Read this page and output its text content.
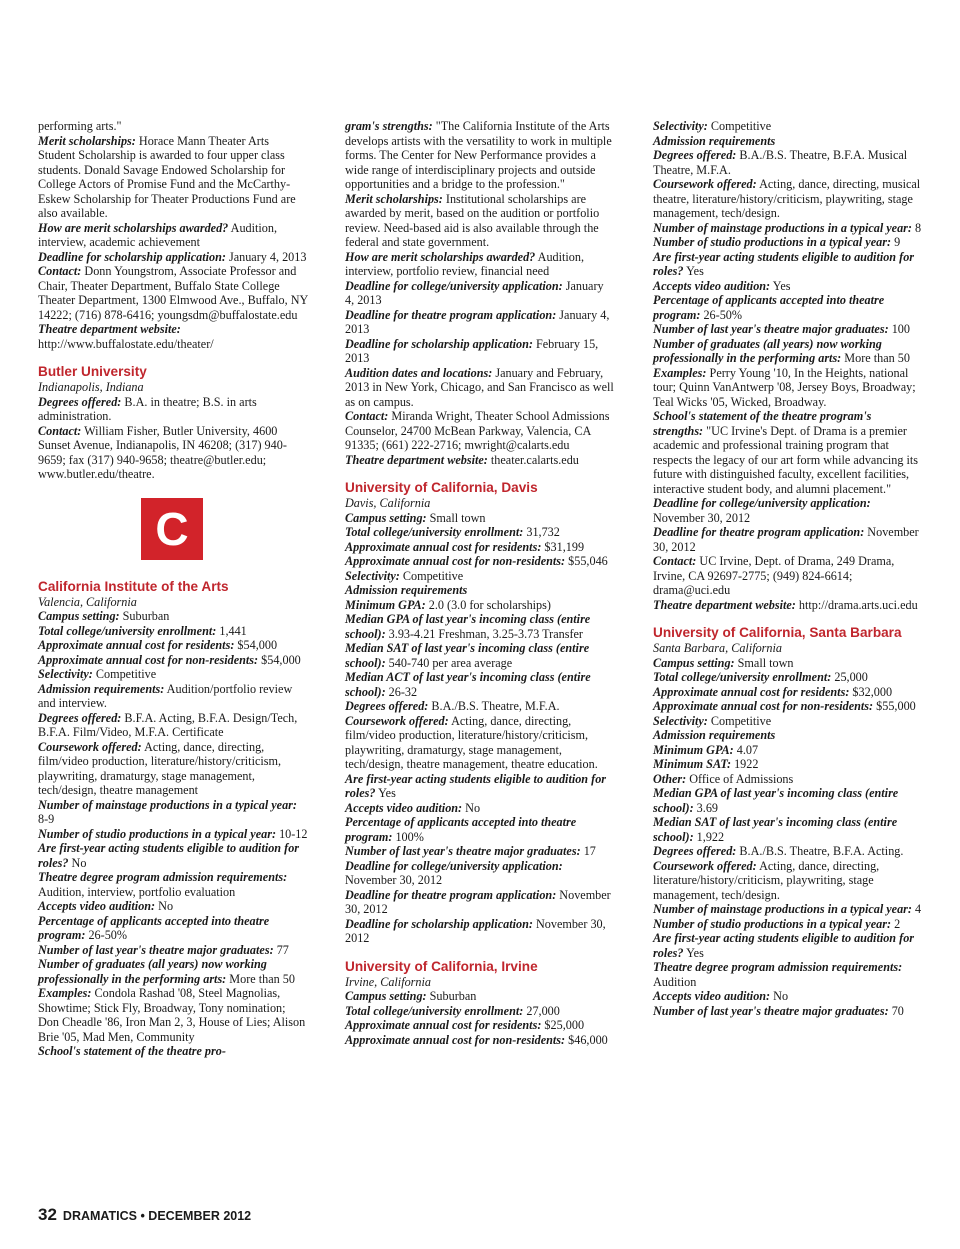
performing arts."

Merit scholarships: Horace Mann Theater Arts Student Scholarship is awarded to four upper class students. Donald Savage Endowed Scholarship for College Actors of Promise Fund and the McCarthy-Eskew Scholarship for Theater Productions Fund are also available.

How are merit scholarships awarded? Audition, interview, academic achievement

Deadline for scholarship application: January 4, 2013

Contact: Donn Youngstrom, Associate Professor and Chair, Theater Department, Buffalo State College Theater Department, 1300 Elmwood Ave., Buffalo, NY 14222; (716) 878-6416; youngsdm@buffalostate.edu

Theatre department website: http://www.buffalostate.edu/theater/

Butler University
Indianapolis, Indiana

Degrees offered: B.A. in theatre; B.S. in arts administration.

Contact: William Fisher, Butler University, 4600 Sunset Avenue, Indianapolis, IN 46208; (317) 940-9659; fax (317) 940-9658; theatre@butler.edu; www.butler.edu/theatre.

C
California Institute of the Arts
Valencia, California

Campus setting: Suburban

Total college/university enrollment: 1,441

Approximate annual cost for residents: $54,000

Approximate annual cost for non-residents: $54,000

Selectivity: Competitive

Admission requirements: Audition/portfolio review and interview.

Degrees offered: B.F.A. Acting, B.F.A. Design/Tech, B.F.A. Film/Video, M.F.A. Certificate

Coursework offered: Acting, dance, directing, film/video production, literature/history/criticism, playwriting, dramaturgy, stage management, tech/design, theatre management

Number of mainstage productions in a typical year: 8-9

Number of studio productions in a typical year: 10-12

Are first-year acting students eligible to audition for roles? No

Theatre degree program admission requirements: Audition, interview, portfolio evaluation

Accepts video audition: No

Percentage of applicants accepted into theatre program: 26-50%

Number of last year's theatre major graduates: 77

Number of graduates (all years) now working professionally in the performing arts: More than 50

Examples: Condola Rashad '08, Steel Magnolias, Showtime; Stick Fly, Broadway, Tony nomination; Don Cheadle '86, Iron Man 2, 3, House of Lies; Alison Brie '05, Mad Men, Community

School's statement of the theatre pro-

gram's strengths: "The California Institute of the Arts develops artists with the versatility to work in multiple forms. The Center for New Performance provides a wide range of interdisciplinary projects and outside opportunities and a bridge to the profession."

Merit scholarships: Institutional scholarships are awarded by merit, based on the audition or portfolio review. Need-based aid is also available through the federal and state government.

How are merit scholarships awarded? Audition, interview, portfolio review, financial need

Deadline for college/university application: January 4, 2013

Deadline for theatre program application: January 4, 2013

Deadline for scholarship application: February 15, 2013

Audition dates and locations: January and February, 2013 in New York, Chicago, and San Francisco as well as on campus.

Contact: Miranda Wright, Theater School Admissions Counselor, 24700 McBean Parkway, Valencia, CA 91335; (661) 222-2716; mwright@calarts.edu

Theatre department website: theater.calarts.edu

University of California, Davis
Davis, California

Campus setting: Small town

Total college/university enrollment: 31,732

Approximate annual cost for residents: $31,199

Approximate annual cost for non-residents: $55,046

Selectivity: Competitive

Admission requirements

Minimum GPA: 2.0 (3.0 for scholarships)

Median GPA of last year's incoming class (entire school): 3.93-4.21 Freshman, 3.25-3.73 Transfer

Median SAT of last year's incoming class (entire school): 540-740 per area average

Median ACT of last year's incoming class (entire school): 26-32

Degrees offered: B.A./B.S. Theatre, M.F.A.

Coursework offered: Acting, dance, directing, film/video production, literature/history/criticism, playwriting, dramaturgy, stage management, tech/design, theatre management, theatre education.

Are first-year acting students eligible to audition for roles? Yes

Accepts video audition: No

Percentage of applicants accepted into theatre program: 100%

Number of last year's theatre major graduates: 17

Deadline for college/university application: November 30, 2012

Deadline for theatre program application: November 30, 2012

Deadline for scholarship application: November 30, 2012

University of California, Irvine
Irvine, California

Campus setting: Suburban

Total college/university enrollment: 27,000

Approximate annual cost for residents: $25,000

Approximate annual cost for non-residents: $46,000

Selectivity: Competitive

Admission requirements

Degrees offered: B.A./B.S. Theatre, B.F.A. Musical Theatre, M.F.A.

Coursework offered: Acting, dance, directing, musical theatre, literature/history/criticism, playwriting, stage management, tech/design.

Number of mainstage productions in a typical year: 8

Number of studio productions in a typical year: 9

Are first-year acting students eligible to audition for roles? Yes

Accepts video audition: Yes

Percentage of applicants accepted into theatre program: 26-50%

Number of last year's theatre major graduates: 100

Number of graduates (all years) now working professionally in the performing arts: More than 50

Examples: Perry Young '10, In the Heights, national tour; Quinn VanAntwerp '08, Jersey Boys, Broadway; Teal Wicks '05, Wicked, Broadway.

School's statement of the theatre program's strengths: "UC Irvine's Dept. of Drama is a premier academic and professional training program that respects the legacy of our art form while advancing its future with distinguished faculty, excellent facilities, interactive student body, and alumni placement."

Deadline for college/university application: November 30, 2012

Deadline for theatre program application: November 30, 2012

Contact: UC Irvine, Dept. of Drama, 249 Drama, Irvine, CA 92697-2775; (949) 824-6614; drama@uci.edu

Theatre department website: http://drama.arts.uci.edu

University of California, Santa Barbara
Santa Barbara, California

Campus setting: Small town

Total college/university enrollment: 25,000

Approximate annual cost for residents: $32,000

Approximate annual cost for non-residents: $55,000

Selectivity: Competitive

Admission requirements

Minimum GPA: 4.07

Minimum SAT: 1922

Other: Office of Admissions

Median GPA of last year's incoming class (entire school): 3.69

Median SAT of last year's incoming class (entire school): 1,922

Degrees offered: B.A./B.S. Theatre, B.F.A. Acting.

Coursework offered: Acting, dance, directing, literature/history/criticism, playwriting, stage management, tech/design.

Number of mainstage productions in a typical year: 4

Number of studio productions in a typical year: 2

Are first-year acting students eligible to audition for roles? Yes

Theatre degree program admission requirements: Audition

Accepts video audition: No

Number of last year's theatre major graduates: 70

32 DRAMATICS • DECEMBER 2012
